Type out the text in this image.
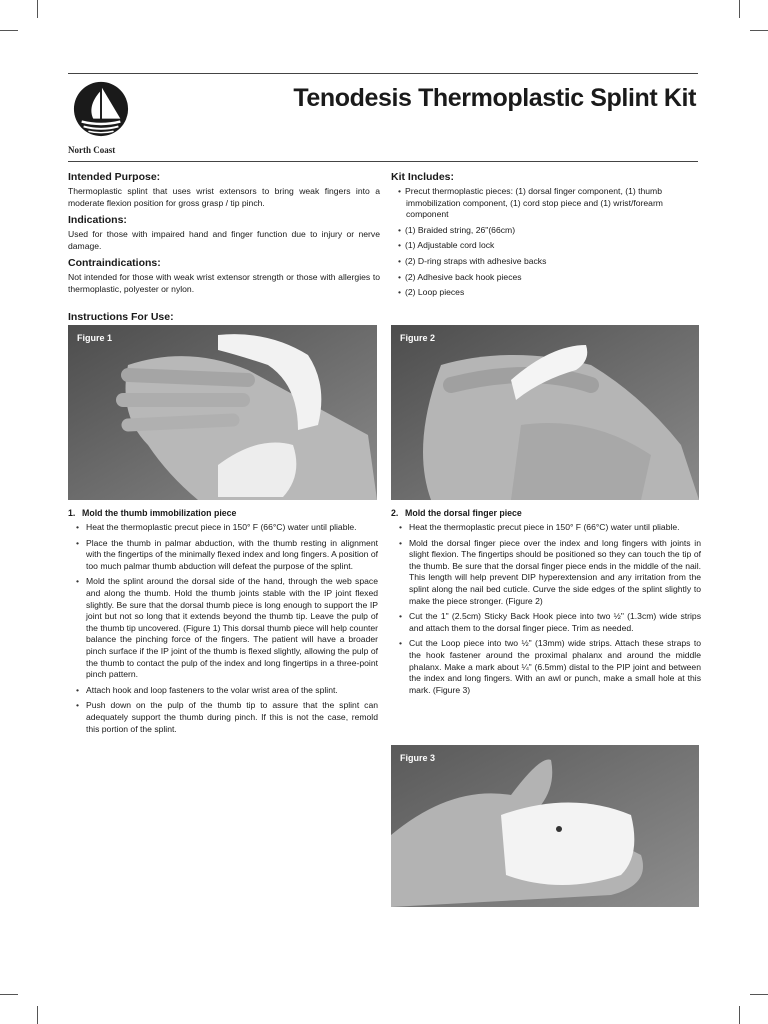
North Coast
Tenodesis Thermoplastic Splint Kit
Intended Purpose:

Thermoplastic splint that uses wrist extensors to bring weak fingers into a moderate flexion position for gross grasp / tip pinch.

Indications:

Used for those with impaired hand and finger function due to injury or nerve damage.

Contraindications:

Not intended for those with weak wrist extensor strength or those with allergies to thermoplastic, polyester or nylon.

Kit Includes:
• Precut thermoplastic pieces: (1) dorsal finger component, (1) thumb immobilization component, (1) cord stop piece and (1) wrist/forearm component
• (1) Braided string, 26"(66cm)
• (1) Adjustable cord lock
• (2) D-ring straps with adhesive backs
• (2) Adhesive back hook pieces
• (2) Loop pieces
Instructions For Use:
Figure 1	Figure 2
1. Mold the thumb immobilization piece
• Heat the thermoplastic precut piece in 150° F (66°C) water until pliable.
• Place the thumb in palmar abduction, with the thumb resting in alignment with the fingertips of the minimally flexed index and long fingers. A position of too much palmar thumb abduction will defeat the purpose of the splint.
• Mold the splint around the dorsal side of the hand, through the web space and along the thumb. Hold the thumb joints stable with the IP joint flexed slightly. Be sure that the dorsal thumb piece is long enough to support the IP joint but not so long that it extends beyond the thumb tip. Leave the pulp of the thumb tip uncovered. (Figure 1) This dorsal thumb piece will help counter balance the pinching force of the fingers. The patient will have a broader pinch surface if the IP joint of the thumb is flexed slightly, allowing the pulp of the thumb to contact the pulp of the index and long fingertips in a three-point pinch pattern.
• Attach hook and loop fasteners to the volar wrist area of the splint.
• Push down on the pulp of the thumb tip to assure that the splint can adequately support the thumb during pinch. If this is not the case, remold this portion of the splint.
2. Mold the dorsal finger piece
• Heat the thermoplastic precut piece in 150° F (66°C) water until pliable.
• Mold the dorsal finger piece over the index and long fingers with joints in slight flexion. The fingertips should be positioned so they can touch the tip of the thumb. Be sure that the dorsal finger piece ends in the middle of the nail. This length will help prevent DIP hyperextension and any irritation from the splint along the nail bed cuticle. Curve the side edges of the splint slightly to make the piece stronger. (Figure 2)
• Cut the 1" (2.5cm) Sticky Back Hook piece into two ½" (1.3cm) wide strips and attach them to the dorsal finger piece. Trim as needed.
• Cut the Loop piece into two ½" (13mm) wide strips. Attach these straps to the hook fastener around the proximal phalanx and around the middle phalanx. Make a mark about ¼" (6.5mm) distal to the PIP joint and between the index and long fingers. With an awl or punch, make a small hole at this mark. (Figure 3)
Figure 3
